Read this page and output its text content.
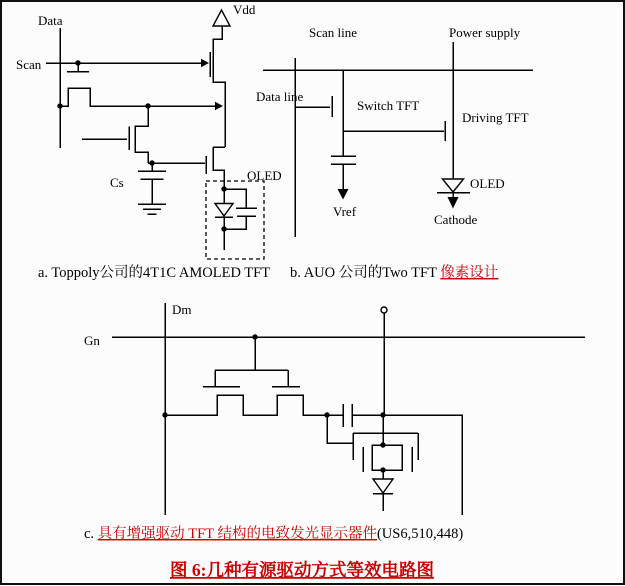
Data
Scan
Vdd
Cs	OLED
a. Toppoly公司的4T1C AMOLED TFT
Scan line	Power supply
Data line
Switch TFT
Driving TFT
OLED
Vref
Cathode
b. AUO 公司的Two TFT 像素设计
Dm
Gn
c. 具有增强驱动 TFT 结构的电致发光显示器件(US6,510,448)
图 6:几种有源驱动方式等效电路图
